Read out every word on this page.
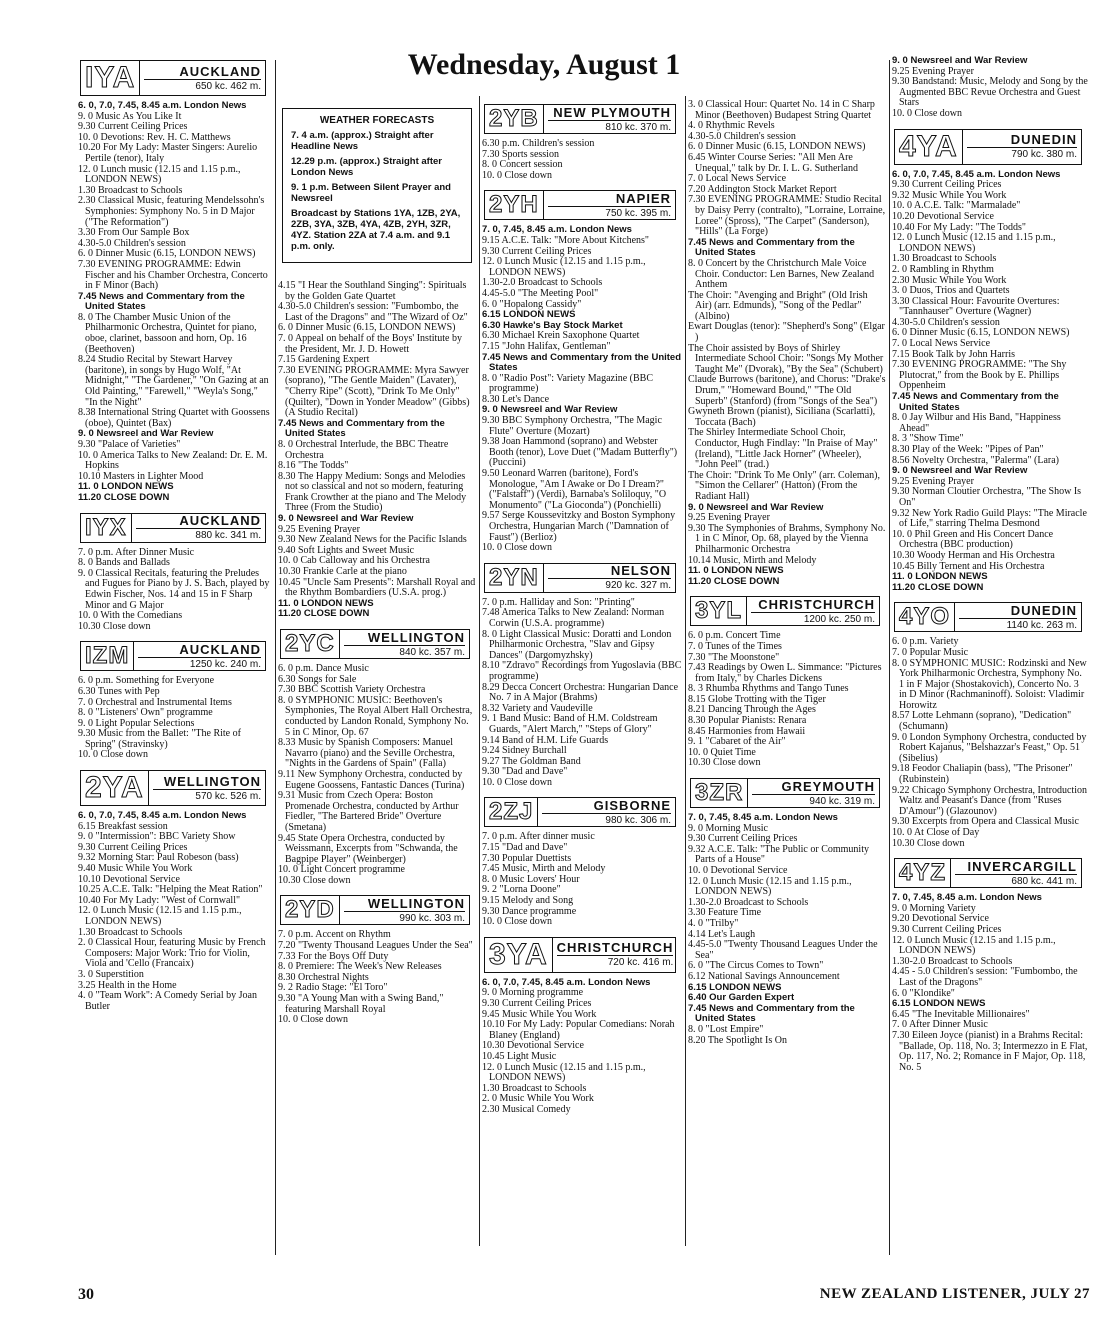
Wednesday, August 1
IYA	AUCKLAND
650 kc. 462 m.

6. 0, 7.0, 7.45, 8.45 a.m. London News

9. 0 Music As You Like It

9.30 Current Ceiling Prices

10. 0 Devotions: Rev. H. C. Matthews

10.20 For My Lady: Master Singers: Aurelio Pertile (tenor), Italy

12. 0 Lunch music (12.15 and 1.15 p.m., LONDON NEWS)

1.30 Broadcast to Schools

2.30 Classical Music, featuring Mendelssohn's Symphonies: Symphony No. 5 in D Major ("The Reformation")

3.30 From Our Sample Box

4.30-5.0 Children's session

6. 0 Dinner Music (6.15, LONDON NEWS)

7.30 EVENING PROGRAMME: Edwin Fischer and his Chamber Orchestra, Concerto in F Minor (Bach)

7.45 News and Commentary from the United States

8. 0 The Chamber Music Union of the Philharmonic Orchestra, Quintet for piano, oboe, clarinet, bassoon and horn, Op. 16 (Beethoven)

8.24 Studio Recital by Stewart Harvey (baritone), in songs by Hugo Wolf, "At Midnight," "The Gardener," "On Gazing at an Old Painting," "Farewell," "Weyla's Song," "In the Night"

8.38 International String Quartet with Goossens (oboe), Quintet (Bax)

9. 0 Newsreel and War Review

9.30 "Palace of Varieties"

10. 0 America Talks to New Zealand: Dr. E. M. Hopkins

10.10 Masters in Lighter Mood

11. 0 LONDON NEWS

11.20 CLOSE DOWN

IYX	AUCKLAND
880 kc. 341 m.

7. 0 p.m. After Dinner Music

8. 0 Bands and Ballads

9. 0 Classical Recitals, featuring the Preludes and Fugues for Piano by J. S. Bach, played by Edwin Fischer, Nos. 14 and 15 in F Sharp Minor and G Major

10. 0 With the Comedians

10.30 Close down

IZM	AUCKLAND
1250 kc. 240 m.

6. 0 p.m. Something for Everyone

6.30 Tunes with Pep

7. 0 Orchestral and Instrumental Items

8. 0 "Listeners' Own" programme

9. 0 Light Popular Selections

9.30 Music from the Ballet: "The Rite of Spring" (Stravinsky)

10. 0 Close down

2YA	WELLINGTON
570 kc. 526 m.

6. 0, 7.0, 7.45, 8.45 a.m. London News

6.15 Breakfast session

9. 0 "Intermission": BBC Variety Show

9.30 Current Ceiling Prices

9.32 Morning Star: Paul Robeson (bass)

9.40 Music While You Work

10.10 Devotional Service

10.25 A.C.E. Talk: "Helping the Meat Ration"

10.40 For My Lady: "West of Cornwall"

12. 0 Lunch Music (12.15 and 1.15 p.m., LONDON NEWS)

1.30 Broadcast to Schools

2. 0 Classical Hour, featuring Music by French Composers: Major Work: Trio for Violin, Viola and 'Cello (Francaix)

3. 0 Superstition

3.25 Health in the Home

4. 0 "Team Work": A Comedy Serial by Joan Butler

WEATHER FORECASTS
7. 4 a.m. (approx.) Straight after Headline News
12.29 p.m. (approx.) Straight after London News
9. 1 p.m. Between Silent Prayer and Newsreel
Broadcast by Stations 1YA, 1ZB, 2YA, 2ZB, 3YA, 3ZB, 4YA, 4ZB, 2YH, 3ZR, 4YZ. Station 2ZA at 7.4 a.m. and 9.1 p.m. only.

4.15 "I Hear the Southland Singing": Spirituals by the Golden Gate Quartet

4.30-5.0 Children's session: "Fumbombo, the Last of the Dragons" and "The Wizard of Oz"

6. 0 Dinner Music (6.15, LONDON NEWS)

7. 0 Appeal on behalf of the Boys' Institute by the President, Mr. J. D. Howett

7.15 Gardening Expert

7.30 EVENING PROGRAMME: Myra Sawyer (soprano), "The Gentle Maiden" (Lavater), "Cherry Ripe" (Scott), "Drink To Me Only" (Quilter), "Down in Yonder Meadow" (Gibbs) (A Studio Recital)

7.45 News and Commentary from the United States

8. 0 Orchestral Interlude, the BBC Theatre Orchestra

8.16 "The Todds"

8.30 The Happy Medium: Songs and Melodies not so classical and not so modern, featuring Frank Crowther at the piano and The Melody Three (From the Studio)

9. 0 Newsreel and War Review

9.25 Evening Prayer

9.30 New Zealand News for the Pacific Islands

9.40 Soft Lights and Sweet Music

10. 0 Cab Calloway and his Orchestra

10.30 Frankie Carle at the piano

10.45 "Uncle Sam Presents": Marshall Royal and the Rhythm Bombardiers (U.S.A. prog.)

11. 0 LONDON NEWS

11.20 CLOSE DOWN

2YC	WELLINGTON
840 kc. 357 m.

6. 0 p.m. Dance Music

6.30 Songs for Sale

7.30 BBC Scottish Variety Orchestra

8. 0 SYMPHONIC MUSIC: Beethoven's Symphonies, The Royal Albert Hall Orchestra, conducted by Landon Ronald, Symphony No. 5 in C Minor, Op. 67

8.33 Music by Spanish Composers: Manuel Navarro (piano) and the Seville Orchestra, "Nights in the Gardens of Spain" (Falla)

9.11 New Symphony Orchestra, conducted by Eugene Goossens, Fantastic Dances (Turina)

9.31 Music from Czech Opera: Boston Promenade Orchestra, conducted by Arthur Fiedler, "The Bartered Bride" Overture (Smetana)

9.45 State Opera Orchestra, conducted by Weissmann, Excerpts from "Schwanda, the Bagpipe Player" (Weinberger)

10. 0 Light Concert programme

10.30 Close down

2YD	WELLINGTON
990 kc. 303 m.

7. 0 p.m. Accent on Rhythm

7.20 "Twenty Thousand Leagues Under the Sea"

7.33 For the Boys Off Duty

8. 0 Premiere: The Week's New Releases

8.30 Orchestral Nights

9. 2 Radio Stage: "El Toro"

9.30 "A Young Man with a Swing Band," featuring Marshall Royal

10. 0 Close down

2YB	NEW PLYMOUTH
810 kc. 370 m.

6.30 p.m. Children's session

7.30 Sports session

8. 0 Concert session

10. 0 Close down

2YH	NAPIER
750 kc. 395 m.

7. 0, 7.45, 8.45 a.m. London News

9.15 A.C.E. Talk: "More About Kitchens"

9.30 Current Ceiling Prices

12. 0 Lunch Music (12.15 and 1.15 p.m., LONDON NEWS)

1.30-2.0 Broadcast to Schools

4.45-5.0 "The Meeting Pool"

6. 0 "Hopalong Cassidy"

6.15 LONDON NEWS

6.30 Hawke's Bay Stock Market

6.30 Michael Krein Saxophone Quartet

7.15 "John Halifax, Gentleman"

7.45 News and Commentary from the United States

8. 0 "Radio Post": Variety Magazine (BBC programme)

8.30 Let's Dance

9. 0 Newsreel and War Review

9.30 BBC Symphony Orchestra, "The Magic Flute" Overture (Mozart)

9.38 Joan Hammond (soprano) and Webster Booth (tenor), Love Duet ("Madam Butterfly") (Puccini)

9.50 Leonard Warren (baritone), Ford's Monologue, "Am I Awake or Do I Dream?" ("Falstaff") (Verdi), Barnaba's Soliloquy, "O Monumento" ("La Gioconda") (Ponchielli)

9.57 Serge Koussevitzky and Boston Symphony Orchestra, Hungarian March ("Damnation of Faust") (Berlioz)

10. 0 Close down

2YN	NELSON
920 kc. 327 m.

7. 0 p.m. Halliday and Son: "Printing"

7.48 America Talks to New Zealand: Norman Corwin (U.S.A. programme)

8. 0 Light Classical Music: Doratti and London Philharmonic Orchestra, "Slav and Gipsy Dances" (Dargomyzhsky)

8.10 "Zdravo" Recordings from Yugoslavia (BBC programme)

8.29 Decca Concert Orchestra: Hungarian Dance No. 7 in A Major (Brahms)

8.32 Variety and Vaudeville

9. 1 Band Music: Band of H.M. Coldstream Guards, "Alert March," "Steps of Glory"

9.14 Band of H.M. Life Guards

9.24 Sidney Burchall

9.27 The Goldman Band

9.30 "Dad and Dave"

10. 0 Close down

2ZJ	GISBORNE
980 kc. 306 m.

7. 0 p.m. After dinner music

7.15 "Dad and Dave"

7.30 Popular Duettists

7.45 Music, Mirth and Melody

8. 0 Music Lovers' Hour

9. 2 "Lorna Doone"

9.15 Melody and Song

9.30 Dance programme

10. 0 Close down

3YA CHRISTCHURCH
720 kc. 416 m.

6. 0, 7.0, 7.45, 8.45 a.m. London News

9. 0 Morning programme

9.30 Current Ceiling Prices

9.45 Music While You Work

10.10 For My Lady: Popular Comedians: Norah Blaney (England)

10.30 Devotional Service

10.45 Light Music

12. 0 Lunch Music (12.15 and 1.15 p.m., LONDON NEWS)

1.30 Broadcast to Schools

2. 0 Music While You Work

2.30 Musical Comedy

3. 0 Classical Hour: Quartet No. 14 in C Sharp Minor (Beethoven) Budapest String Quartet

4. 0 Rhythmic Revels

4.30-5.0 Children's session

6. 0 Dinner Music (6.15, LONDON NEWS)

6.45 Winter Course Series: "All Men Are Unequal," talk by Dr. I. L. G. Sutherland

7. 0 Local News Service

7.20 Addington Stock Market Report

7.30 EVENING PROGRAMME: Studio Recital by Daisy Perry (contralto), "Lorraine, Lorraine, Loree" (Spross), "The Carpet" (Sanderson), "Hills" (La Forge)

7.45 News and Commentary from the United States

8. 0 Concert by the Christchurch Male Voice Choir. Conductor: Len Barnes, New Zealand Anthem

The Choir: "Avenging and Bright" (Old Irish Air) (arr. Edmunds), "Song of the Pedlar" (Albino)

Ewart Douglas (tenor): "Shepherd's Song" (Elgar )

The Choir assisted by Boys of Shirley Intermediate School Choir: "Songs My Mother Taught Me" (Dvorak), "By the Sea" (Schubert)

Claude Burrows (baritone), and Chorus: "Drake's Drum," "Homeward Bound," "The Old Superb" (Stanford) (from "Songs of the Sea")

Gwyneth Brown (pianist), Siciliana (Scarlatti), Toccata (Bach)

The Shirley Intermediate School Choir, Conductor, Hugh Findlay: "In Praise of May" (Ireland), "Little Jack Horner" (Wheeler), "John Peel" (trad.)

The Choir: "Drink To Me Only" (arr. Coleman), "Simon the Cellarer" (Hatton) (From the Radiant Hall)

9. 0 Newsreel and War Review

9.25 Evening Prayer

9.30 The Symphonies of Brahms, Symphony No. 1 in C Minor, Op. 68, played by the Vienna Philharmonic Orchestra

10.14 Music, Mirth and Melody

11. 0 LONDON NEWS

11.20 CLOSE DOWN

3YL	CHRISTCHURCH
1200 kc. 250 m.

6. 0 p.m. Concert Time

7. 0 Tunes of the Times

7.30 "The Moonstone"

7.43 Readings by Owen L. Simmance: "Pictures from Italy," by Charles Dickens

8. 3 Rhumba Rhythms and Tango Tunes

8.15 Globe Trotting with the Tiger

8.21 Dancing Through the Ages

8.30 Popular Pianists: Renara

8.45 Harmonies from Hawaii

9. 1 "Cabaret of the Air"

10. 0 Quiet Time

10.30 Close down

3ZR	GREYMOUTH
940 kc. 319 m.

7. 0, 7.45, 8.45 a.m. London News

9. 0 Morning Music

9.30 Current Ceiling Prices

9.32 A.C.E. Talk: "The Public or Community Parts of a House"

10. 0 Devotional Service

12. 0 Lunch Music (12.15 and 1.15 p.m., LONDON NEWS)

1.30-2.0 Broadcast to Schools

3.30 Feature Time

4. 0 "Trilby"

4.14 Let's Laugh

4.45-5.0 "Twenty Thousand Leagues Under the Sea"

6. 0 "The Circus Comes to Town"

6.12 National Savings Announcement

6.15 LONDON NEWS

6.40 Our Garden Expert

7.45 News and Commentary from the United States

8. 0 "Lost Empire"

8.20 The Spotlight Is On

9. 0 Newsreel and War Review

9.25 Evening Prayer

9.30 Bandstand: Music, Melody and Song by the Augmented BBC Revue Orchestra and Guest Stars

10. 0 Close down

4YA	DUNEDIN
790 kc. 380 m.

6. 0, 7.0, 7.45, 8.45 a.m. London News

9.30 Current Ceiling Prices

9.32 Music While You Work

10. 0 A.C.E. Talk: "Marmalade"

10.20 Devotional Service

10.40 For My Lady: "The Todds"

12. 0 Lunch Music (12.15 and 1.15 p.m., LONDON NEWS)

1.30 Broadcast to Schools

2. 0 Rambling in Rhythm

2.30 Music While You Work

3. 0 Duos, Trios and Quartets

3.30 Classical Hour: Favourite Overtures: "Tannhauser" Overture (Wagner)

4.30-5.0 Children's session

6. 0 Dinner Music (6.15, LONDON NEWS)

7. 0 Local News Service

7.15 Book Talk by John Harris

7.30 EVENING PROGRAMME: "The Shy Plutocrat," from the Book by E. Phillips Oppenheim

7.45 News and Commentary from the United States

8. 0 Jay Wilbur and His Band, "Happiness Ahead"

8. 3 "Show Time"

8.30 Play of the Week: "Pipes of Pan"

8.56 Novelty Orchestra, "Palerma" (Lara)

9. 0 Newsreel and War Review

9.25 Evening Prayer

9.30 Norman Cloutier Orchestra, "The Show Is On"

9.32 New York Radio Guild Plays: "The Miracle of Life," starring Thelma Desmond

10. 0 Phil Green and His Concert Dance Orchestra (BBC production)

10.30 Woody Herman and His Orchestra

10.45 Billy Ternent and His Orchestra

11. 0 LONDON NEWS

11.20 CLOSE DOWN

4YO	DUNEDIN
1140 kc. 263 m.

6. 0 p.m. Variety

7. 0 Popular Music

8. 0 SYMPHONIC MUSIC: Rodzinski and New York Philharmonic Orchestra, Symphony No. 1 in F Major (Shostakovich), Concerto No. 3 in D Minor (Rachmaninoff). Soloist: Vladimir Horowitz

8.57 Lotte Lehmann (soprano), "Dedication" (Schumann)

9. 0 London Symphony Orchestra, conducted by Robert Kajanus, "Belshazzar's Feast," Op. 51 (Sibelius)

9.18 Feodor Chaliapin (bass), "The Prisoner" (Rubinstein)

9.22 Chicago Symphony Orchestra, Introduction Waltz and Peasant's Dance (from "Ruses D'Amour") (Glazounov)

9.30 Excerpts from Opera and Classical Music

10. 0 At Close of Day

10.30 Close down

4YZ	INVERCARGILL
680 kc. 441 m.

7. 0, 7.45, 8.45 a.m. London News

9. 0 Morning Variety

9.20 Devotional Service

9.30 Current Ceiling Prices

12. 0 Lunch Music (12.15 and 1.15 p.m., LONDON NEWS)

1.30-2.0 Broadcast to Schools

4.45 - 5.0 Children's session: "Fumbombo, the Last of the Dragons"

6. 0 "Klondike"

6.15 LONDON NEWS

6.45 "The Inevitable Millionaires"

7. 0 After Dinner Music

7.30 Eileen Joyce (pianist) in a Brahms Recital: "Ballade, Op. 118, No. 3; Intermezzo in E Flat, Op. 117, No. 2; Romance in F Major, Op. 118, No. 5

30	NEW ZEALAND LISTENER, JULY 27
